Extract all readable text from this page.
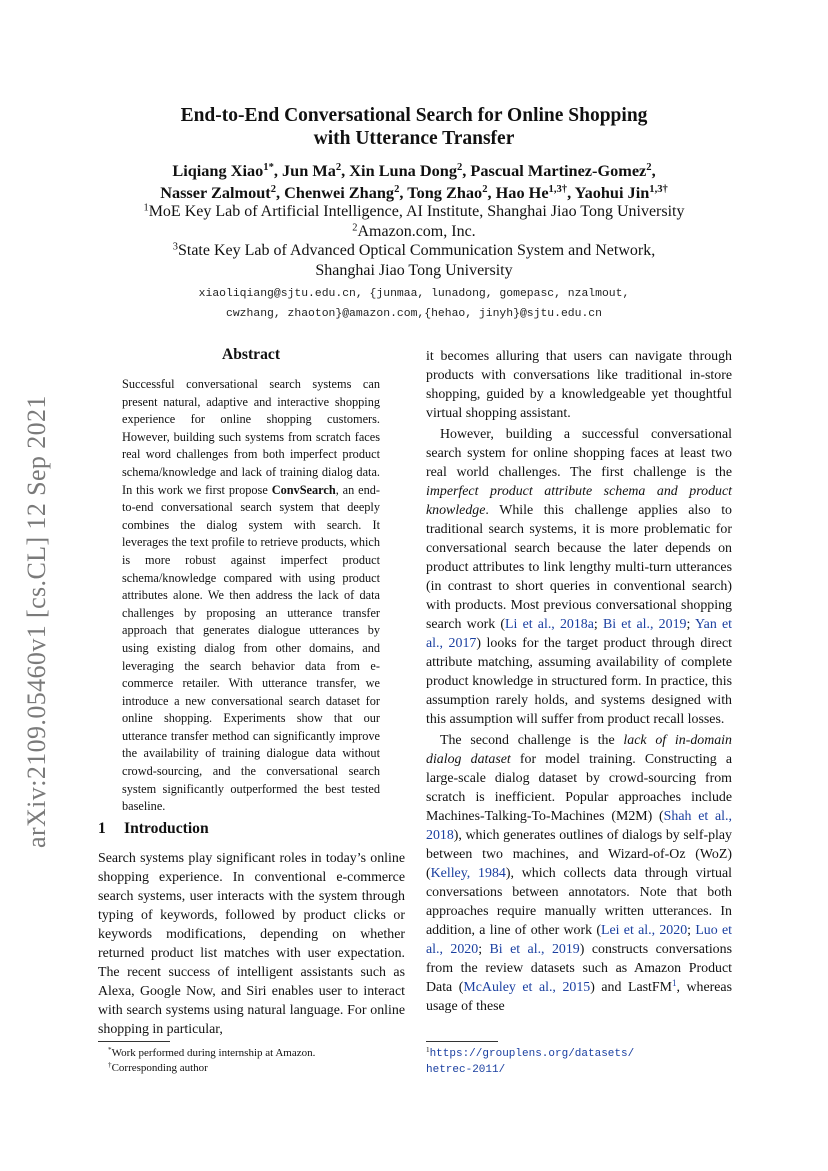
arXiv:2109.05460v1 [cs.CL] 12 Sep 2021
End-to-End Conversational Search for Online Shopping
with Utterance Transfer
Liqiang Xiao$^{1*}$, Jun Ma$^2$, Xin Luna Dong$^2$, Pascual Martinez-Gomez$^2$,
Nasser Zalmout$^2$, Chenwei Zhang$^2$, Tong Zhao$^2$, Hao $He^{1,3\dagger}$, Yaohui Jin$^{1,3\dagger}$
$^1$MoE Key Lab of Artificial Intelligence, AI Institute, Shanghai Jiao Tong University
$^2$Amazon.com, Inc.
$^3$State Key Lab of Advanced Optical Communication System and Network,
Shanghai Jiao Tong University
xiaoliqiang@sjtu.edu.cn, {junmaa, lunadong, gomepasc, nzalmout,
cwzhang, zhaoton}@amazon.com,{hehao, jinyh}@sjtu.edu.cn
Abstract
Successful conversational search systems can present natural, adaptive and interactive shopping experience for online shopping customers. However, building such systems from scratch faces real word challenges from both imperfect product schema/knowledge and lack of training dialog data. In this work we first propose ConvSearch, an end-to-end conversational search system that deeply combines the dialog system with search. It leverages the text profile to retrieve products, which is more robust against imperfect product schema/knowledge compared with using product attributes alone. We then address the lack of data challenges by proposing an utterance transfer approach that generates dialogue utterances by using existing dialog from other domains, and leveraging the search behavior data from e-commerce retailer. With utterance transfer, we introduce a new conversational search dataset for online shopping. Experiments show that our utterance transfer method can significantly improve the availability of training dialogue data without crowd-sourcing, and the conversational search system significantly outperformed the best tested baseline.
1 Introduction
Search systems play significant roles in today’s online shopping experience. In conventional e-commerce search systems, user interacts with the system through typing of keywords, followed by product clicks or keywords modifications, depending on whether returned product list matches with user expectation. The recent success of intelligent assistants such as Alexa, Google Now, and Siri enables user to interact with search systems using natural language. For online shopping in particular,

it becomes alluring that users can navigate through products with conversations like traditional in-store shopping, guided by a knowledgeable yet thoughtful virtual shopping assistant.

However, building a successful conversational search system for online shopping faces at least two real world challenges. The first challenge is the imperfect product attribute schema and product knowledge. While this challenge applies also to traditional search systems, it is more problematic for conversational search because the later depends on product attributes to link lengthy multi-turn utterances (in contrast to short queries in conventional search) with products. Most previous conversational shopping search work (Li et al., 2018a; Bi et al., 2019; Yan et al., 2017) looks for the target product through direct attribute matching, assuming availability of complete product knowledge in structured form. In practice, this assumption rarely holds, and systems designed with this assumption will suffer from product recall losses.

The second challenge is the lack of in-domain dialog dataset for model training. Constructing a large-scale dialog dataset by crowd-sourcing from scratch is inefficient. Popular approaches include Machines-Talking-To-Machines (M2M) (Shah et al., 2018), which generates outlines of dialogs by self-play between two machines, and Wizard-of-Oz (WoZ) (Kelley, 1984), which collects data through virtual conversations between annotators. Note that both approaches require manually written utterances. In addition, a line of other work (Lei et al., 2020; Luo et al., 2020; Bi et al., 2019) constructs conversations from the review datasets such as Amazon Product Data (McAuley et al., 2015) and LastFM$^1$, whereas usage of these

*Work performed during internship at Amazon.
†Corresponding author
$^1$https://grouplens.org/datasets/
hetrec-2011/
